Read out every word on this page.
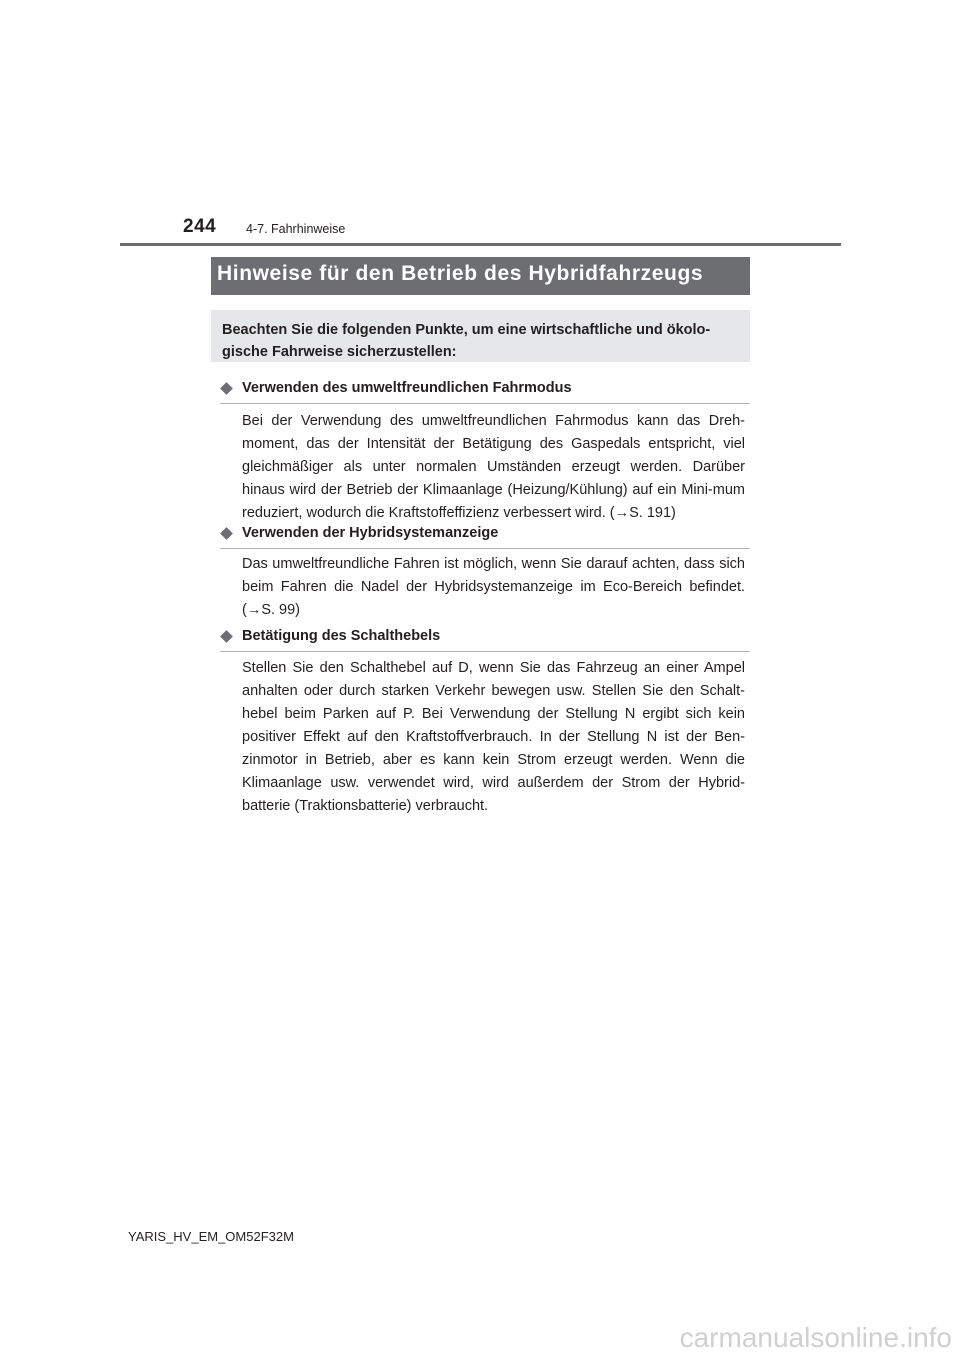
244 4-7. Fahrhinweise
Hinweise für den Betrieb des Hybridfahrzeugs

Beachten Sie die folgenden Punkte, um eine wirtschaftliche und ökolo-gische Fahrweise sicherzustellen:

Verwenden des umweltfreundlichen Fahrmodus

Bei der Verwendung des umweltfreundlichen Fahrmodus kann das Dreh-moment, das der Intensität der Betätigung des Gaspedals entspricht, viel gleichmäßiger als unter normalen Umständen erzeugt werden. Darüber hinaus wird der Betrieb der Klimaanlage (Heizung/Kühlung) auf ein Mini-mum reduziert, wodurch die Kraftstoffeffizienz verbessert wird. (→S. 191)

Verwenden der Hybridsystemanzeige

Das umweltfreundliche Fahren ist möglich, wenn Sie darauf achten, dass sich beim Fahren die Nadel der Hybridsystemanzeige im Eco-Bereich befindet. (→S. 99)

Betätigung des Schalthebels

Stellen Sie den Schalthebel auf D, wenn Sie das Fahrzeug an einer Ampel anhalten oder durch starken Verkehr bewegen usw. Stellen Sie den Schalt-hebel beim Parken auf P. Bei Verwendung der Stellung N ergibt sich kein positiver Effekt auf den Kraftstoffverbrauch. In der Stellung N ist der Ben-zinmotor in Betrieb, aber es kann kein Strom erzeugt werden. Wenn die Klimaanlage usw. verwendet wird, wird außerdem der Strom der Hybrid-batterie (Traktionsbatterie) verbraucht.

YARIS_HV_EM_OM52F32M
carmanualsonline.info
